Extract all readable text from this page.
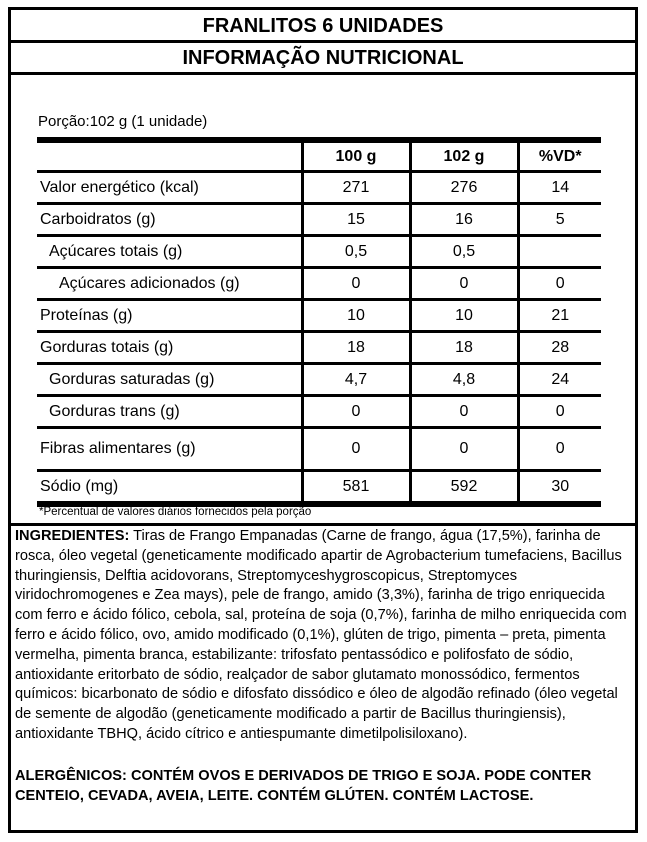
FRANLITOS 6 UNIDADES
INFORMAÇÃO NUTRICIONAL
Porção:102 g (1 unidade)
	100 g	102 g	%VD*
Valor energético (kcal)	271	276	14
Carboidratos (g)	15	16	5
Açúcares totais (g)	0,5	0,5	
Açúcares adicionados (g)	0	0	0
Proteínas (g)	10	10	21
Gorduras totais (g)	18	18	28
Gorduras saturadas (g)	4,7	4,8	24
Gorduras trans (g)	0	0	0
Fibras alimentares (g)	0	0	0
Sódio (mg)	581	592	30
*Percentual de valores diários fornecidos pela porção
INGREDIENTES: Tiras de Frango Empanadas (Carne de frango, água (17,5%), farinha de rosca, óleo vegetal (geneticamente modificado apartir de Agrobacterium tumefaciens, Bacillus thuringiensis, Delftia acidovorans, Streptomyceshygroscopicus, Streptomyces viridochromogenes e Zea mays), pele de frango, amido (3,3%), farinha de trigo enriquecida com ferro e ácido fólico, cebola, sal, proteína de soja (0,7%), farinha de milho enriquecida com ferro e ácido fólico, ovo, amido modificado (0,1%), glúten de trigo, pimenta – preta, pimenta vermelha, pimenta branca, estabilizante: trifosfato pentassódico e polifosfato de sódio, antioxidante eritorbato de sódio, realçador de sabor glutamato monossódico, fermentos químicos: bicarbonato de sódio e difosfato dissódico e óleo de algodão refinado (óleo vegetal de semente de algodão (geneticamente modificado a partir de Bacillus thuringiensis), antioxidante TBHQ, ácido cítrico e antiespumante dimetilpolisiloxano).
ALERGÊNICOS: CONTÉM OVOS E DERIVADOS DE TRIGO E SOJA. PODE CONTER CENTEIO, CEVADA, AVEIA, LEITE. CONTÉM GLÚTEN. CONTÉM LACTOSE.
